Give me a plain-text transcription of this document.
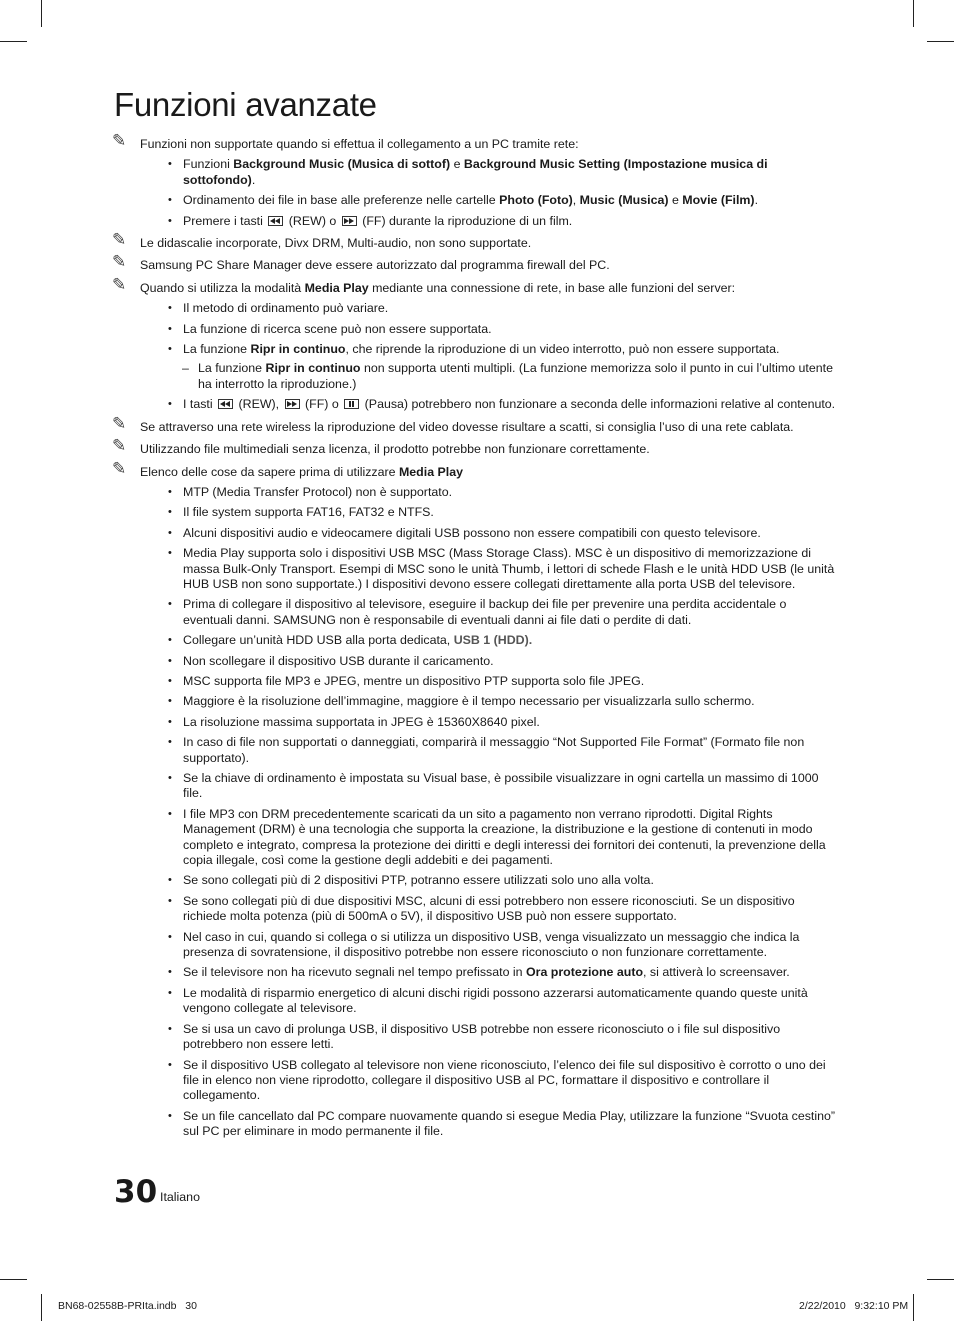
Funzioni avanzate
✎ Funzioni non supportate quando si effettua il collegamento a un PC tramite rete:
• Funzioni Background Music (Musica di sottof) e Background Music Setting (Impostazione musica di sottofondo).
• Ordinamento dei file in base alle preferenze nelle cartelle Photo (Foto), Music (Musica) e Movie (Film).
• Premere i tasti (REW) o (FF) durante la riproduzione di un film.
✎ Le didascalie incorporate, Divx DRM, Multi-audio, non sono supportate.
✎ Samsung PC Share Manager deve essere autorizzato dal programma firewall del PC.
✎ Quando si utilizza la modalità Media Play mediante una connessione di rete, in base alle funzioni del server:
• Il metodo di ordinamento può variare.
• La funzione di ricerca scene può non essere supportata.
• La funzione Ripr in continuo, che riprende la riproduzione di un video interrotto, può non essere supportata.
– La funzione Ripr in continuo non supporta utenti multipli. (La funzione memorizza solo il punto in cui l’ultimo utente ha interrotto la riproduzione.)
• I tasti (REW), (FF) o (Pausa) potrebbero non funzionare a seconda delle informazioni relative al contenuto.
✎ Se attraverso una rete wireless la riproduzione del video dovesse risultare a scatti, si consiglia l’uso di una rete cablata.
✎ Utilizzando file multimediali senza licenza, il prodotto potrebbe non funzionare correttamente.
✎ Elenco delle cose da sapere prima di utilizzare Media Play
• MTP (Media Transfer Protocol) non è supportato.
• Il file system supporta FAT16, FAT32 e NTFS.
• Alcuni dispositivi audio e videocamere digitali USB possono non essere compatibili con questo televisore.
• Media Play supporta solo i dispositivi USB MSC (Mass Storage Class). MSC è un dispositivo di memorizzazione di massa Bulk-Only Transport. Esempi di MSC sono le unità Thumb, i lettori di schede Flash e le unità HDD USB (le unità HUB USB non sono supportate.) I dispositivi devono essere collegati direttamente alla porta USB del televisore.
• Prima di collegare il dispositivo al televisore, eseguire il backup dei file per prevenire una perdita accidentale o eventuali danni. SAMSUNG non è responsabile di eventuali danni ai file dati o perdite di dati.
• Collegare un’unità HDD USB alla porta dedicata, USB 1 (HDD).
• Non scollegare il dispositivo USB durante il caricamento.
• MSC supporta file MP3 e JPEG, mentre un dispositivo PTP supporta solo file JPEG.
• Maggiore è la risoluzione dell’immagine, maggiore è il tempo necessario per visualizzarla sullo schermo.
• La risoluzione massima supportata in JPEG è 15360X8640 pixel.
• In caso di file non supportati o danneggiati, comparirà il messaggio “Not Supported File Format” (Formato file non supportato).
• Se la chiave di ordinamento è impostata su Visual base, è possibile visualizzare in ogni cartella un massimo di 1000 file.
• I file MP3 con DRM precedentemente scaricati da un sito a pagamento non verrano riprodotti. Digital Rights Management (DRM) è una tecnologia che supporta la creazione, la distribuzione e la gestione di contenuti in modo completo e integrato, compresa la protezione dei diritti e degli interessi dei fornitori dei contenuti, la prevenzione della copia illegale, così come la gestione degli addebiti e dei pagamenti.
• Se sono collegati più di 2 dispositivi PTP, potranno essere utilizzati solo uno alla volta.
• Se sono collegati più di due dispositivi MSC, alcuni di essi potrebbero non essere riconosciuti. Se un dispositivo richiede molta potenza (più di 500mA o 5V), il dispositivo USB può non essere supportato.
• Nel caso in cui, quando si collega o si utilizza un dispositivo USB, venga visualizzato un messaggio che indica la presenza di sovratensione, il dispositivo potrebbe non essere riconosciuto o non funzionare correttamente.
• Se il televisore non ha ricevuto segnali nel tempo prefissato in Ora protezione auto, si attiverà lo screensaver.
• Le modalità di risparmio energetico di alcuni dischi rigidi possono azzerarsi automaticamente quando queste unità vengono collegate al televisore.
• Se si usa un cavo di prolunga USB, il dispositivo USB potrebbe non essere riconosciuto o i file sul dispositivo potrebbero non essere letti.
• Se il dispositivo USB collegato al televisore non viene riconosciuto, l’elenco dei file sul dispositivo è corrotto o uno dei file in elenco non viene riprodotto, collegare il dispositivo USB al PC, formattare il dispositivo e controllare il collegamento.
• Se un file cancellato dal PC compare nuovamente quando si esegue Media Play, utilizzare la funzione “Svuota cestino” sul PC per eliminare in modo permanente il file.
30 Italiano
BN68-02558B-PRIta.indb   30	2/22/2010   9:32:10 PM
